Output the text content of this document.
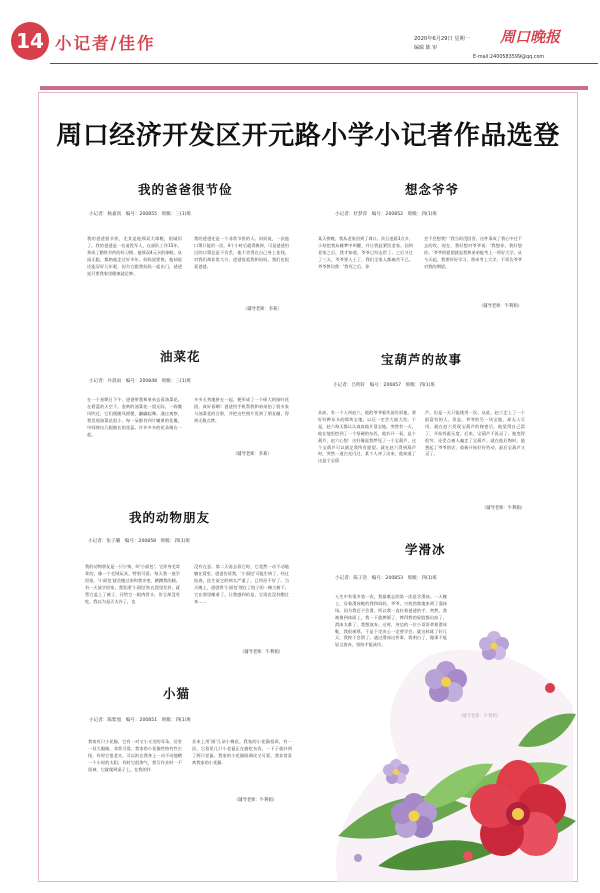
14 小记者/佳作	2020年6月29日 星期一
编辑 陈 审
周口晚报
E-mail:2400583599@qq.com
周口经济开发区开元路小学小记者作品选登
我的爸爸很节俭
小记者：杨嘉真　编号：200855　班级：三(1)班
我的爸爸很节俭，尤其是他那双大球鞋，很破旧了。我的爸爸是一名退役军人，在部队工作15年，养成了勤俭节约的好习惯。他那双4元买的球鞋，从雨无阻，都陪他走过好多年。妈妈说要换，他却说还能穿好几年呢，因为它跟我妈妈一起出门，爸爸说只要我家里健康就足够。
我的爸爸还是一个非常节俭的人。妈妈说，一次他口罩只能用一次，4个小时后就得换掉，可是爸爸用过的口罩总是不肯丢，他不舍得在自己身上花钱，对我们却非常大方。爸爸很爱我和妈妈，我们也很爱爸爸。
（辅导老师：李莉）
油菜花
小记者：丹晨雨　编号：200848　班级：三(1)班
在一个星期日下午，爸爸带我和弟弟去看油菜花。在碧蓝的天空下，金黄的油菜花一望无际，一阵微风吹过，它们便随风摇摆，翩翩起舞。通过观察，我发现油菜花很小，每一朵都有四片嫩黄的花瓣，中间伸出几根细长的花蕊。许许多多的花朵聚在一起，
多多天秀地挤在一起，便形成了一个硕大的绿叶花团，真好看啊！爸爸用手机帮我和弟弟拍了很多张与油菜花的合影，并把这些照片发到了朋友圈，得到无数点赞。
（辅导老师：李莉）
我的动物朋友
小记者：张子璐　编号：200858　班级：四(1)班
我的动物朋友是一只小狗，叫'小面包'。它浑身毛茸茸的，像一个毛绒玩具，特别可爱。每天我一放学回家，'小面包'就会跑过来和我亲密，蹭蹭我的腿。有一天放学回家，我发现'小面包'趴在窝里发抖，就帮它盖上了被子，还给它一根肉骨头，但它却没有吃。我以为是天太冷了，也
没有在意。第二天再去看它时，它竟然一动不动地躺在窝里，爸爸告诉我，'小面包'可能生病了，经过检查，医生说它的病太严重了，已经治不好了。当天晚上，爸爸将'小面包'埋在了院子的一棵大树下，它在那里睡着了。让我感到的是，它再也没有醒过来……
（辅导老师：牛利娟）
小猫
小记者：陈紫旭　编号：200851　班级：四(1)班
我家有只小花猫，它有一对又小又尖的耳朵，还有一双大眼睛，非常可爱。我家的小花猫性格有些古怪，有时它很老实，可以趴在我身上一动不动地晒一个小时的太阳；有时它很淘气，我写作业时一不留神，它就爬到桌子上，在我的作
业本上用'画'几朵小梅花。我家的小花猫很乖，有一次，它看见几只小老鼠正在偷吃东西，一下子就扑到了两只老鼠。我家的小花猫既调皮又可爱，我非常喜欢我家的小花猫。
（辅导老师：牛利娟）
想念爷爷
小记者：杜梦萍　编号：200852　班级：四(1)班
某天傍晚，我从老家回到了周口。次日凌晨3点多，小姑把我从睡梦中叫醒，并让我赶紧回老家。回到老家之后，我才知道，爷爷已经去世了。之后又过了三天，爷爷要入土了，我们全家人都痛苦不已。爷爷曾问我：'我死之后，你
会不会想我？'我当时没回答，这件事成了我心中过不去的坎。现在，我好想对爷爷说：'我想你，我好想你。'爷爷的愿望就是我和弟弟能考上一所好大学。从今天起，我要好好学习，将来考上大学，不辜负爷爷对我的期望。
（辅导老师：牛利娟）
宝葫芦的故事
小记者：吕明轩　编号：200857　班级：四(1)班
从前，有一个人叫赵六，他的爷爷临死前告诉他，要好好种东头的那块宝地，以后一定会大福大贵。于是，赵六每天都认认真真地开垦宝地，突然有一天，他在地里挖到了一个坚硬的东西，他扒开一看，是个葫芦，赵六心想：这好像是我梦见了一个宝葫芦，这个宝葫芦可以满足我所有愿望。就在赵六得到葫芦时，突然一道白光闪过，某个人冲了出来，他知道了这是个宝葫
芦，但是一天只能使用一次。从此，赵六走上了一个很富有的人。但是，爷爷的另一块宝地，却无人可用。就在赵六发现宝葫芦的秘密后，他觉得自己富了，开始挥霍无度。后来，宝葫芦不再灵了。他变得很穷，还差点被人骗走了宝葫芦。就在他后悔时，他想起了爷爷的话，重新开始好好劳动，最后宝葫芦又灵了。
（辅导老师：牛利娟）
学滑冰
小记者：陈子浩　编号：200853　班级：四(1)班
人生中有很多第一次，我最难忘的第一次是学滑冰。一天晚上，穿着滑冰鞋的我和妈妈、爷爷，兴致勃勃地来到了溜冰场。因为我还不会滑，所以我一直拉着爸爸的手，突然，我被推到冰面上，我一下就摔倒了，摔得我的屁股都出血了。滑冰太难了，我想放弃。这时，身边的一位小哥哥拿着滑冰鞋，我很羡慕，于是下定决心一定要学会。就这样练了好几天，我终于会滑了。通过滑冰这件事，我明白了，做事不能轻言放弃，坚持才能成功。
